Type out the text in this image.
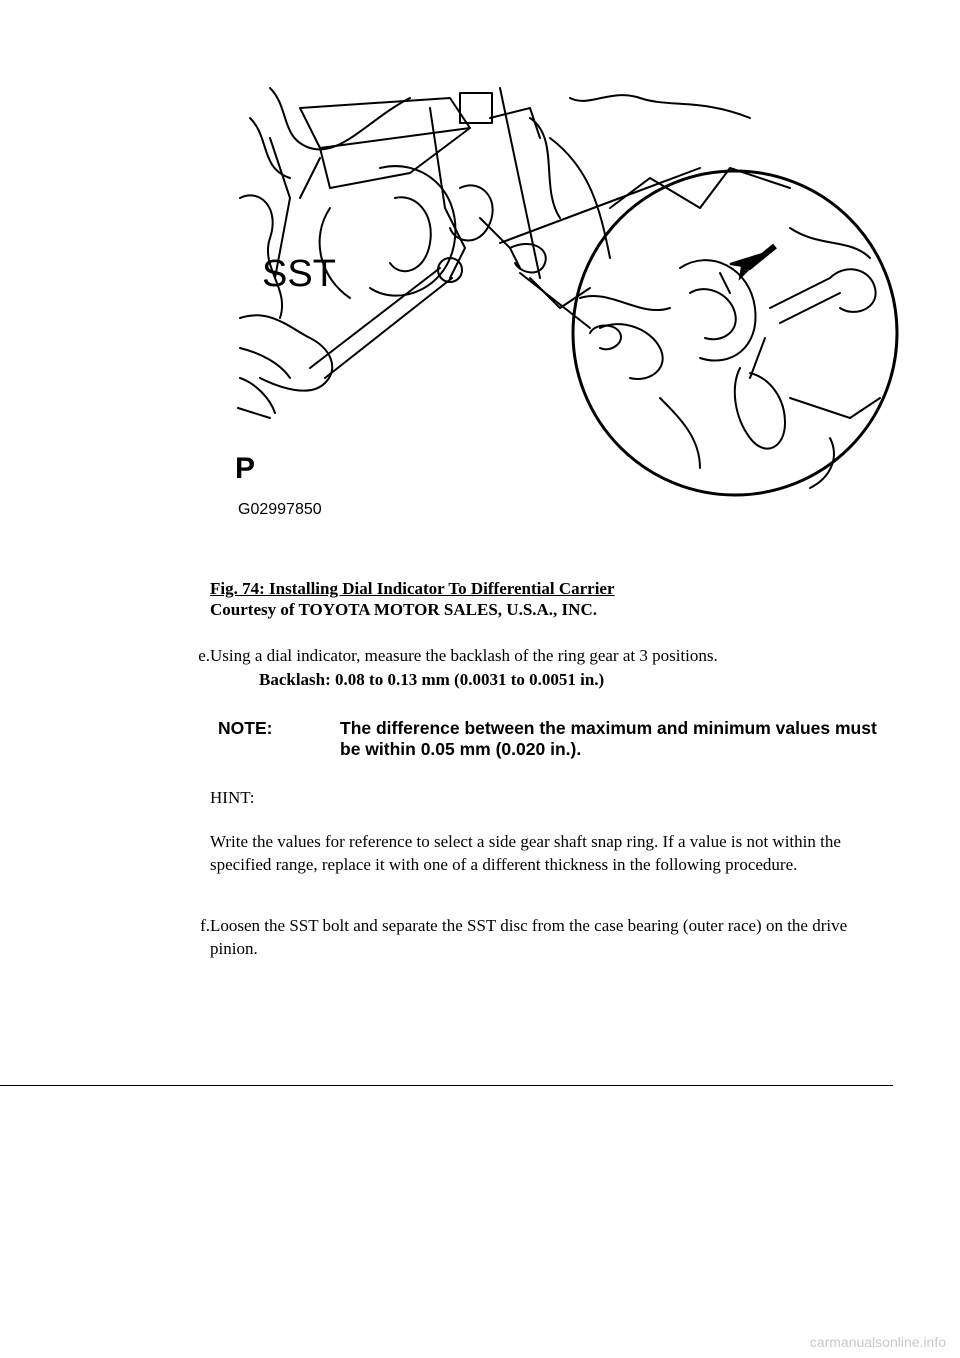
SST
P
G02997850
Fig. 74: Installing Dial Indicator To Differential Carrier
Courtesy of TOYOTA MOTOR SALES, U.S.A., INC.
e. Using a dial indicator, measure the backlash of the ring gear at 3 positions.
Backlash: 0.08 to 0.13 mm (0.0031 to 0.0051 in.)
NOTE:	The difference between the maximum and minimum values must be within 0.05 mm (0.020 in.).
HINT:
Write the values for reference to select a side gear shaft snap ring. If a value is not within the specified range, replace it with one of a different thickness in the following procedure.
f. Loosen the SST bolt and separate the SST disc from the case bearing (outer race) on the drive pinion.
carmanualsonline.info
